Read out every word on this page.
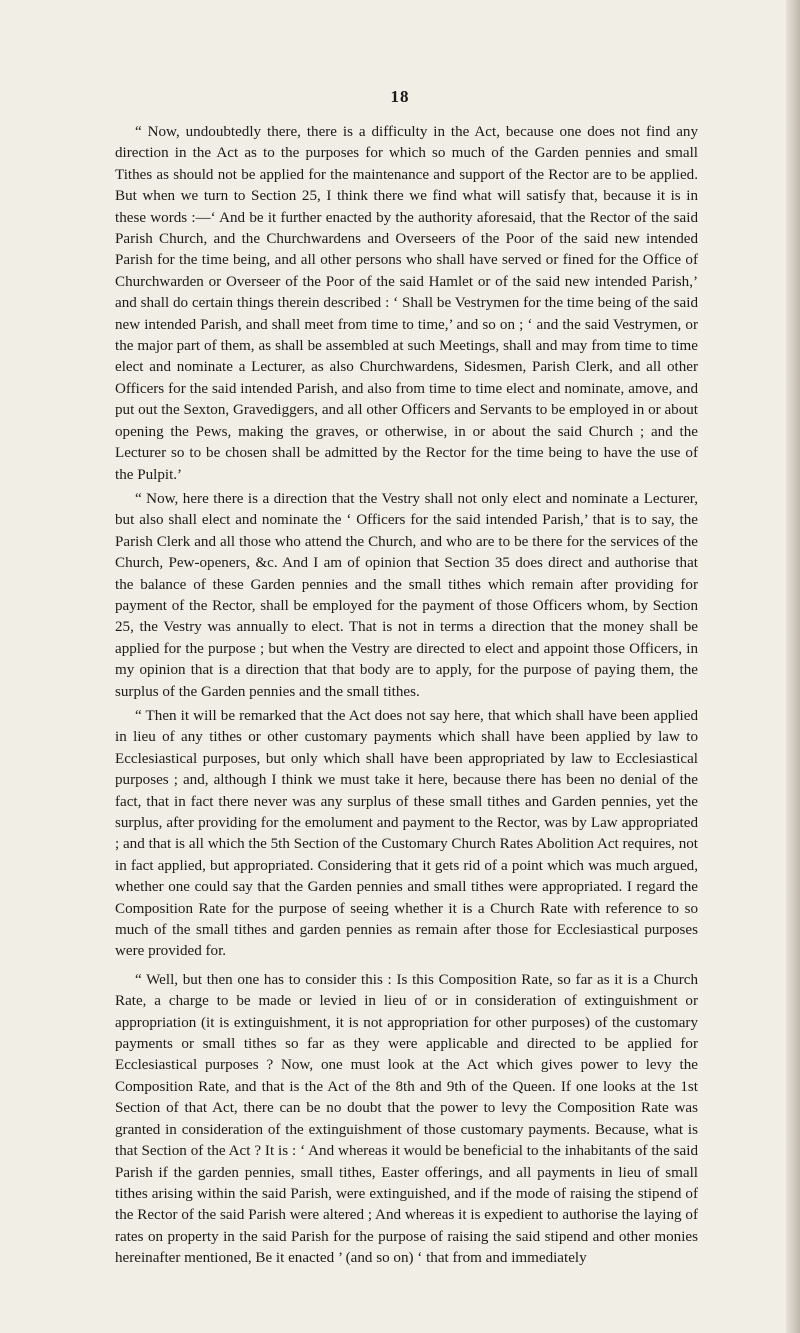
18

“ Now, undoubtedly there, there is a difficulty in the Act, because one does not find any direction in the Act as to the purposes for which so much of the Garden pennies and small Tithes as should not be applied for the maintenance and support of the Rector are to be applied. But when we turn to Section 25, I think there we find what will satisfy that, because it is in these words :—‘ And be it further enacted by the authority aforesaid, that the Rector of the said Parish Church, and the Churchwardens and Overseers of the Poor of the said new intended Parish for the time being, and all other persons who shall have served or fined for the Office of Churchwarden or Overseer of the Poor of the said Hamlet or of the said new intended Parish,’ and shall do certain things therein described : ‘ Shall be Vestrymen for the time being of the said new intended Parish, and shall meet from time to time,’ and so on ; ‘ and the said Vestrymen, or the major part of them, as shall be assembled at such Meetings, shall and may from time to time elect and nominate a Lecturer, as also Churchwardens, Sidesmen, Parish Clerk, and all other Officers for the said intended Parish, and also from time to time elect and nominate, amove, and put out the Sexton, Gravediggers, and all other Officers and Servants to be employed in or about opening the Pews, making the graves, or otherwise, in or about the said Church ; and the Lecturer so to be chosen shall be admitted by the Rector for the time being to have the use of the Pulpit.’

“ Now, here there is a direction that the Vestry shall not only elect and nominate a Lecturer, but also shall elect and nominate the ‘ Officers for the said intended Parish,’ that is to say, the Parish Clerk and all those who attend the Church, and who are to be there for the services of the Church, Pew-openers, &c. And I am of opinion that Section 35 does direct and authorise that the balance of these Garden pennies and the small tithes which remain after providing for payment of the Rector, shall be employed for the payment of those Officers whom, by Section 25, the Vestry was annually to elect. That is not in terms a direction that the money shall be applied for the purpose ; but when the Vestry are directed to elect and appoint those Officers, in my opinion that is a direction that that body are to apply, for the purpose of paying them, the surplus of the Garden pennies and the small tithes.

“ Then it will be remarked that the Act does not say here, that which shall have been applied in lieu of any tithes or other customary payments which shall have been applied by law to Ecclesiastical purposes, but only which shall have been appropriated by law to Ecclesiastical purposes ; and, although I think we must take it here, because there has been no denial of the fact, that in fact there never was any surplus of these small tithes and Garden pennies, yet the surplus, after providing for the emolument and payment to the Rector, was by Law appropriated ; and that is all which the 5th Section of the Customary Church Rates Abolition Act requires, not in fact applied, but appropriated. Considering that it gets rid of a point which was much argued, whether one could say that the Garden pennies and small tithes were appropriated. I regard the Composition Rate for the purpose of seeing whether it is a Church Rate with reference to so much of the small tithes and garden pennies as remain after those for Ecclesiastical purposes were provided for.

“ Well, but then one has to consider this : Is this Composition Rate, so far as it is a Church Rate, a charge to be made or levied in lieu of or in consideration of extinguishment or appropriation (it is extinguishment, it is not appropriation for other purposes) of the customary payments or small tithes so far as they were applicable and directed to be applied for Ecclesiastical purposes ? Now, one must look at the Act which gives power to levy the Composition Rate, and that is the Act of the 8th and 9th of the Queen. If one looks at the 1st Section of that Act, there can be no doubt that the power to levy the Composition Rate was granted in consideration of the extinguishment of those customary payments. Because, what is that Section of the Act ? It is : ‘ And whereas it would be beneficial to the inhabitants of the said Parish if the garden pennies, small tithes, Easter offerings, and all payments in lieu of small tithes arising within the said Parish, were extinguished, and if the mode of raising the stipend of the Rector of the said Parish were altered ; And whereas it is expedient to authorise the laying of rates on property in the said Parish for the purpose of raising the said stipend and other monies hereinafter mentioned, Be it enacted ’ (and so on) ‘ that from and immediately
